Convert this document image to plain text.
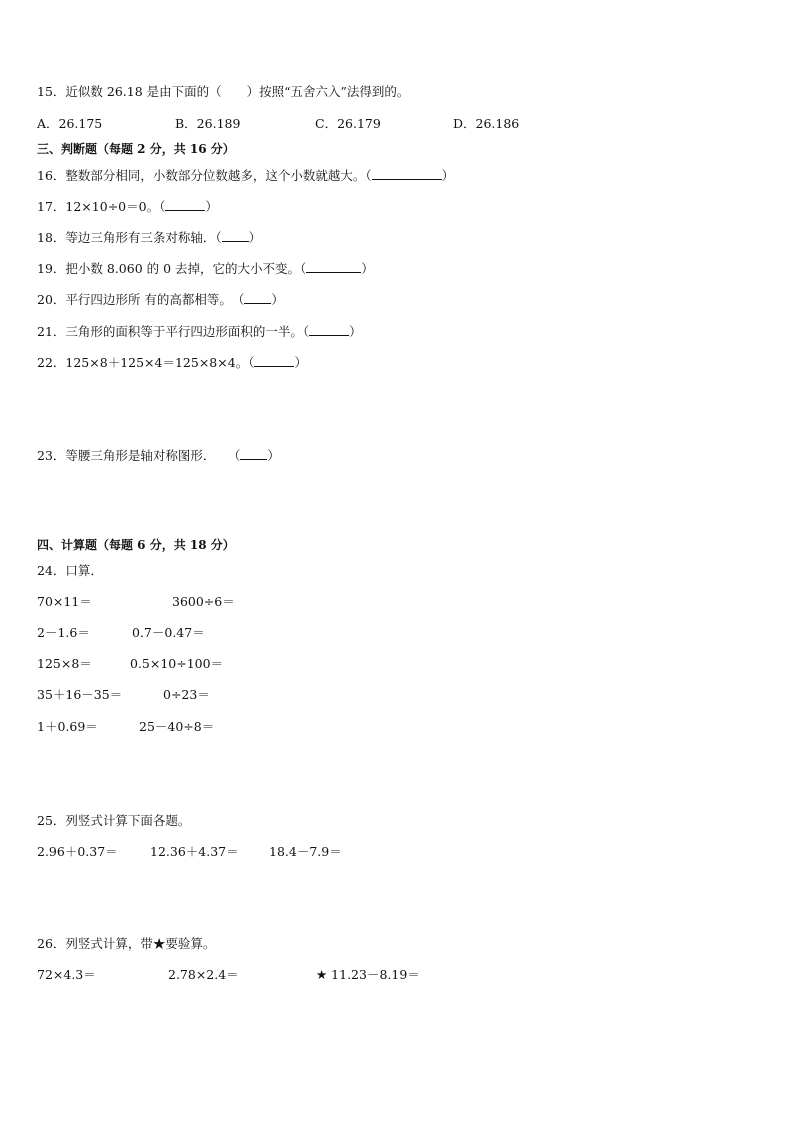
15．近似数 26.18 是由下面的（　　）按照“五舍六入”法得到的。
A．26.175	B．26.189	C．26.179	D．26.186
三、判断题（每题 2 分，共 16 分）
16．整数部分相同，小数部分位数越多，这个小数就越大。（	）
17．12×10÷0＝0。（	）
18．等边三角形有三条对称轴．（ ）
19．把小数 8.060 的 0 去掉，它的大小不变。（	）
20．平行四边形所 有的高都相等。　（ ）
21．三角形的面积等于平行四边形面积的一半。（	）
22．125×8＋125×4＝125×8×4。（	）
23．等腰三角形是轴对称图形．　　（ ）
四、计算题（每题 6 分，共 18 分）
24．口算．
70×11＝	3600÷6＝
2－1.6＝	0.7－0.47＝
125×8＝	0.5×10÷100＝
35＋16－35＝	0÷23＝
1＋0.69＝	25－40÷8＝
25．列竖式计算下面各题。
2.96＋0.37＝	12.36＋4.37＝ 18.4－7.9＝
26．列竖式计算，带★要验算。
72×4.3＝	2.78×2.4＝	★ 11.23－8.19＝
